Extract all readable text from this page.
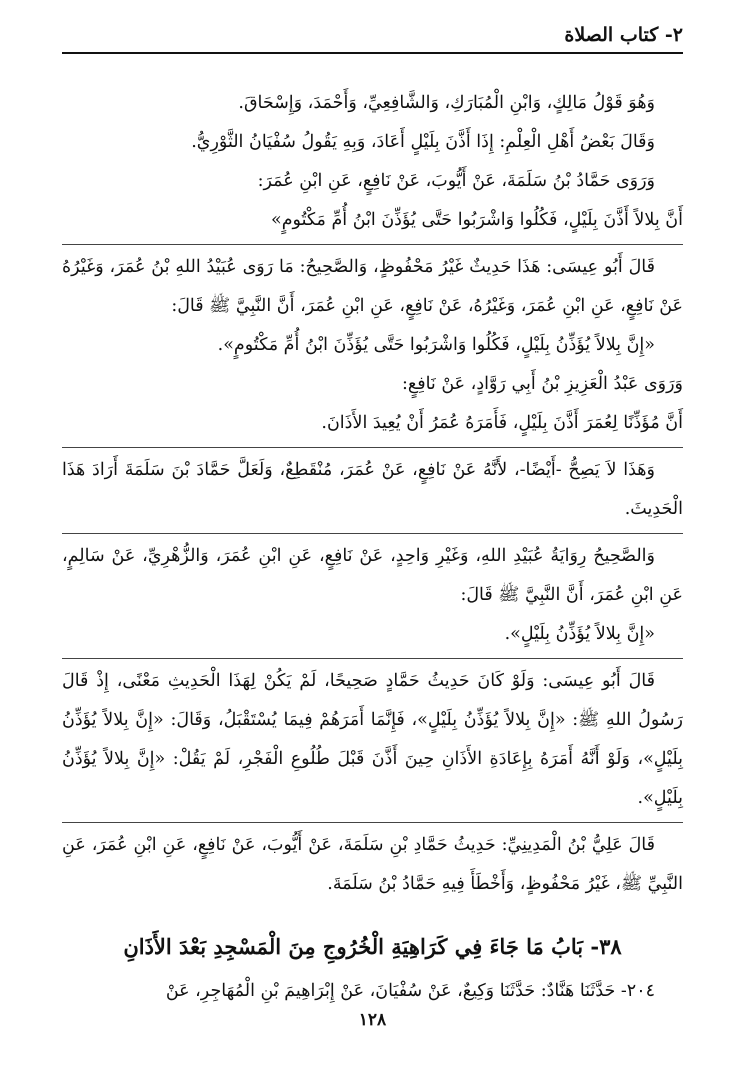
٢- كتاب الصلاة

وَهُوَ قَوْلُ مَالِكٍ، وَابْنِ الْمُبَارَكِ، وَالشَّافِعِيِّ، وَأَحْمَدَ، وَإِسْحَاقَ.

وَقَالَ بَعْضُ أَهْلِ الْعِلْمِ: إِذَا أَذَّنَ بِلَيْلٍ أَعَادَ، وَبِهِ يَقُولُ سُفْيَانُ الثَّوْرِيُّ.

وَرَوَى حَمَّادُ بْنُ سَلَمَةَ، عَنْ أَيُّوبَ، عَنْ نَافِعٍ، عَنِ ابْنِ عُمَرَ:

أَنَّ بِلالاً أَذَّنَ بِلَيْلٍ، فَكُلُوا وَاشْرَبُوا حَتَّى يُؤَذِّنَ ابْنُ أُمِّ مَكْتُومٍ»

قَالَ أَبُو عِيسَى: هَذَا حَدِيثٌ غَيْرُ مَحْفُوظٍ، وَالصَّحِيحُ: مَا رَوَى عُبَيْدُ اللهِ بْنُ عُمَرَ، وَغَيْرُهُ عَنْ نَافِعٍ، عَنِ ابْنِ عُمَرَ، وَغَيْرُهُ، عَنْ نَافِعٍ، عَنِ ابْنِ عُمَرَ، أَنَّ النَّبِيَّ ﷺ قَالَ:

«إِنَّ بِلالاً يُؤَذِّنُ بِلَيْلٍ، فَكُلُوا وَاشْرَبُوا حَتَّى يُؤَذِّنَ ابْنُ أُمِّ مَكْتُومٍ».

وَرَوَى عَبْدُ الْعَزِيزِ بْنُ أَبِي رَوَّادٍ، عَنْ نَافِعٍ:

أَنَّ مُؤَذِّنًا لِعُمَرَ أَذَّنَ بِلَيْلٍ، فَأَمَرَهُ عُمَرُ أَنْ يُعِيدَ الأَذَانَ.

وَهَذَا لاَ يَصِحُّ -أَيْضًا-، لأَنَّهُ عَنْ نَافِعٍ، عَنْ عُمَرَ، مُنْقَطِعٌ، وَلَعَلَّ حَمَّادَ بْنَ سَلَمَةَ أَرَادَ هَذَا الْحَدِيثَ.

وَالصَّحِيحُ رِوَايَةُ عُبَيْدِ اللهِ، وَغَيْرِ وَاحِدٍ، عَنْ نَافِعٍ، عَنِ ابْنِ عُمَرَ، وَالزُّهْرِيِّ، عَنْ سَالِمٍ، عَنِ ابْنِ عُمَرَ، أَنَّ النَّبِيَّ ﷺ قَالَ:

«إِنَّ بِلالاً يُؤَذِّنُ بِلَيْلٍ».

قَالَ أَبُو عِيسَى: وَلَوْ كَانَ حَدِيثُ حَمَّادٍ صَحِيحًا، لَمْ يَكُنْ لِهَذَا الْحَدِيثِ مَعْنًى، إِذْ قَالَ رَسُولُ اللهِ ﷺ: «إِنَّ بِلالاً يُؤَذِّنُ بِلَيْلٍ»، فَإِنَّمَا أَمَرَهُمْ فِيمَا يُسْتَقْبَلُ، وَقَالَ: «إِنَّ بِلالاً يُؤَذِّنُ بِلَيْلٍ»، وَلَوْ أَنَّهُ أَمَرَهُ بِإِعَادَةِ الأَذَانِ حِينَ أَذَّنَ قَبْلَ طُلُوعِ الْفَجْرِ، لَمْ يَقُلْ: «إِنَّ بِلالاً يُؤَذِّنُ بِلَيْلٍ».

قَالَ عَلِيُّ بْنُ الْمَدِينِيِّ: حَدِيثُ حَمَّادِ بْنِ سَلَمَةَ، عَنْ أَيُّوبَ، عَنْ نَافِعٍ، عَنِ ابْنِ عُمَرَ، عَنِ النَّبِيِّ ﷺ، غَيْرُ مَحْفُوظٍ، وَأَخْطَأَ فِيهِ حَمَّادُ بْنُ سَلَمَةَ.

٣٨- بَابُ مَا جَاءَ فِي كَرَاهِيَةِ الْخُرُوجِ مِنَ الْمَسْجِدِ بَعْدَ الأَذَانِ

٢٠٤- حَدَّثَنَا هَنَّادٌ: حَدَّثَنَا وَكِيعٌ، عَنْ سُفْيَانَ، عَنْ إِبْرَاهِيمَ بْنِ الْمُهَاجِرِ، عَنْ

١٢٨
